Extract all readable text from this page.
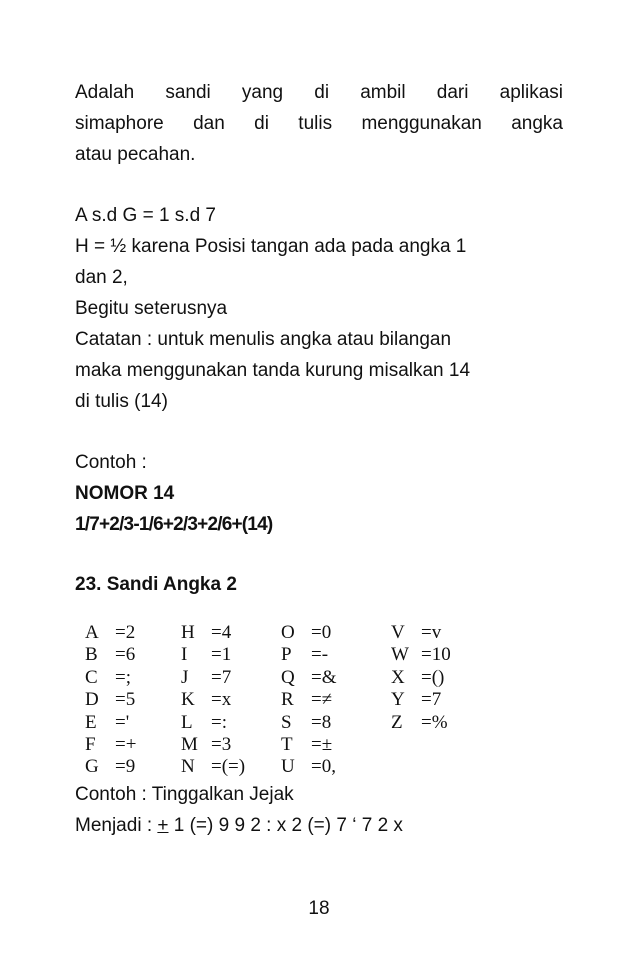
Adalah sandi yang di ambil dari aplikasi
simaphore dan di tulis menggunakan angka
atau pecahan.
A s.d G = 1 s.d 7
H = ½ karena Posisi tangan ada pada angka 1
dan 2,
Begitu seterusnya
Catatan : untuk menulis angka atau bilangan
maka menggunakan tanda kurung misalkan 14
di tulis (14)
Contoh :
NOMOR 14
1/7+2/3-1/6+2/3+2/6+(14)
23. Sandi Angka 2
A =2
B =6
C =;
D =5
E ='
F =+
G =9
H =4
I =1
J =7
K =x
L =:
M =3
N =(=)
O =0
P =-
Q =&
R =≠
S =8
T =±
U =0,
V =v
W =10
X =()
Y =7
Z =%
Contoh : Tinggalkan Jejak
Menjadi : + 1 (=) 9 9 2 : x 2 (=) 7 ‘ 7 2 x
18
